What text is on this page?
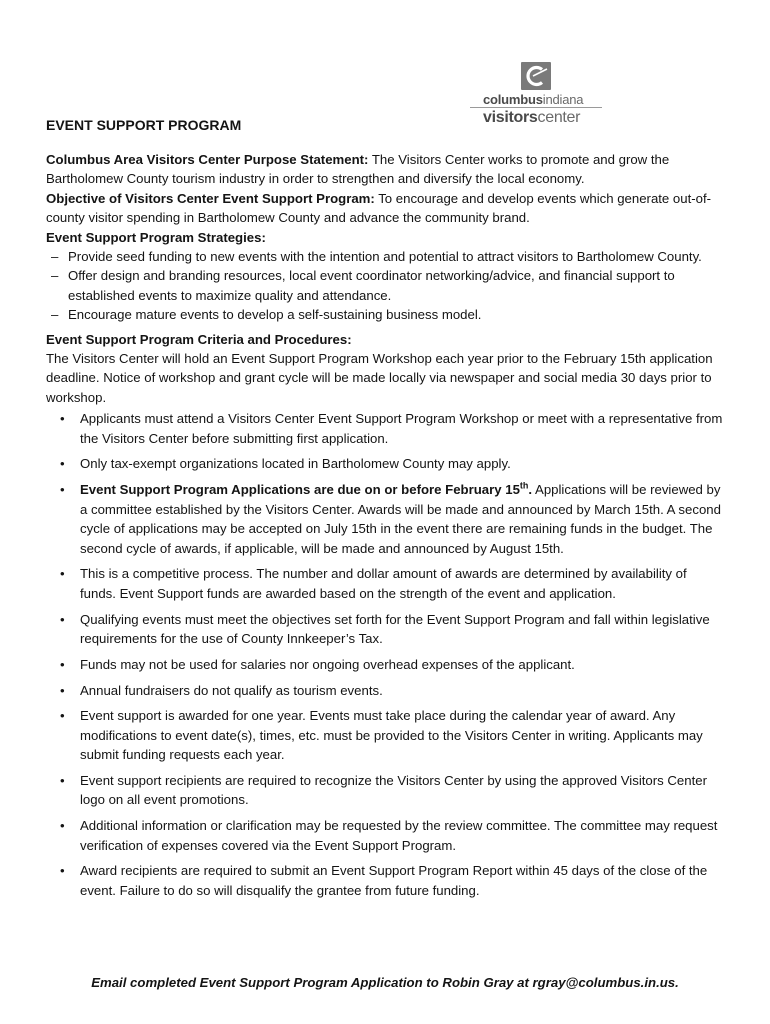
columbusindiana
visitorscenter
EVENT SUPPORT PROGRAM

Columbus Area Visitors Center Purpose Statement: The Visitors Center works to promote and grow the Bartholomew County tourism industry in order to strengthen and diversify the local economy.

Objective of Visitors Center Event Support Program: To encourage and develop events which generate out-of-county visitor spending in Bartholomew County and advance the community brand.

Event Support Program Strategies:

– Provide seed funding to new events with the intention and potential to attract visitors to Bartholomew County.
– Offer design and branding resources, local event coordinator networking/advice, and financial support to established events to maximize quality and attendance.
– Encourage mature events to develop a self-sustaining business model.

Event Support Program Criteria and Procedures:

The Visitors Center will hold an Event Support Program Workshop each year prior to the February 15th application deadline. Notice of workshop and grant cycle will be made locally via newspaper and social media 30 days prior to workshop.

• Applicants must attend a Visitors Center Event Support Program Workshop or meet with a representative from the Visitors Center before submitting first application.
• Only tax-exempt organizations located in Bartholomew County may apply.
• Event Support Program Applications are due on or before February 15th. Applications will be reviewed by a committee established by the Visitors Center. Awards will be made and announced by March 15th. A second cycle of applications may be accepted on July 15th in the event there are remaining funds in the budget. The second cycle of awards, if applicable, will be made and announced by August 15th.
• This is a competitive process. The number and dollar amount of awards are determined by availability of funds. Event Support funds are awarded based on the strength of the event and application.
• Qualifying events must meet the objectives set forth for the Event Support Program and fall within legislative requirements for the use of County Innkeeper’s Tax.
• Funds may not be used for salaries nor ongoing overhead expenses of the applicant.
• Annual fundraisers do not qualify as tourism events.
• Event support is awarded for one year. Events must take place during the calendar year of award. Any modifications to event date(s), times, etc. must be provided to the Visitors Center in writing. Applicants may submit funding requests each year.
• Event support recipients are required to recognize the Visitors Center by using the approved Visitors Center logo on all event promotions.
• Additional information or clarification may be requested by the review committee. The committee may request verification of expenses covered via the Event Support Program.
• Award recipients are required to submit an Event Support Program Report within 45 days of the close of the event. Failure to do so will disqualify the grantee from future funding.

Email completed Event Support Program Application to Robin Gray at rgray@columbus.in.us.
